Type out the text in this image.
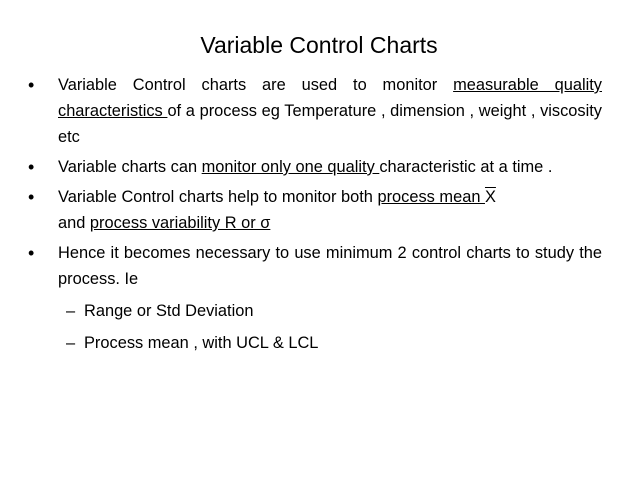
Variable Control Charts
• Variable Control charts are used to monitor measurable quality characteristics of a process eg Temperature , dimension , weight , viscosity etc
• Variable charts can monitor only one quality characteristic at a time .
• Variable Control charts help to monitor both process mean $\overline{X}$
and process variability R or σ
• Hence it becomes necessary to use minimum 2 control charts to study the process. Ie
– Range or Std Deviation
– Process mean , with UCL & LCL
